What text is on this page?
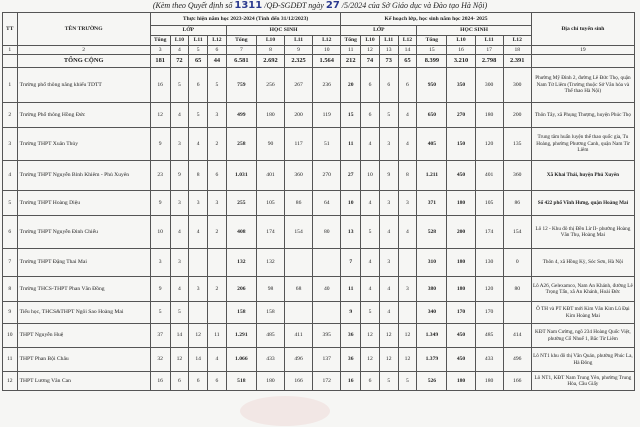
(Kèm theo Quyết định số 1311 /QĐ-SGDĐT ngày 27 /5/2024 của Sở Giáo dục và Đào tạo Hà Nội)
TT	TÊN TRƯỜNG	Thực hiện năm học 2023-2024 (Tính đến 31/12/2023)								Kế hoạch lớp, học sinh năm học 2024- 2025								Địa chỉ tuyển sinh
		LỚP				HỌC SINH				LỚP				HỌC SINH				
		Tổng	L10	L11	L12	Tổng	L10	L11	L12	Tổng	L10	L11	L12	Tổng	L10	L11	L12	
1	2	3	4	5	6	7	8	9	10	11	12	13	14	15	16	17	18	19
	TỔNG CỘNG	181	72	65	44	6.581	2.692	2.325	1.564	212	74	73	65	8.399	3.210	2.798	2.391	
1	Trường phổ thông năng khiếu TDTT	16	5	6	5	759	256	267	236	20	6	6	6	950	350	300	300	Phường Mỹ Đình 2, đường Lê Đức Thọ, quận Nam Từ Liêm (Trường thuộc Sở Văn hóa và Thể thao Hà Nội)
2	Trường Phổ thông Hồng Đức	12	4	5	3	499	180	200	119	15	6	5	4	650	270	180	200	Thôn Tây, xã Phụng Thượng, huyện Phúc Thọ
3	Trường THPT Xuân Thủy	9	3	4	2	258	90	117	51	11	4	3	4	405	150	120	135	Trung tâm huấn luyện thể thao quốc gia, Tu Hoàng, phường Phương Canh, quận Nam Từ Liêm
4	Trường THPT Nguyễn Bỉnh Khiêm - Phủ Xuyên	23	9	8	6	1.031	401	360	270	27	10	9	8	1.211	450	401	360	Xã Khai Thái, huyện Phú Xuyên
5	Trường THPT Hoàng Diệu	9	3	3	3	255	105	86	64	10	4	3	3	371	180	105	86	Số 422 phố Vĩnh Hưng, quận Hoàng Mai
6	Trường THPT Nguyễn Đình Chiểu	10	4	4	2	408	174	154	80	13	5	4	4	528	200	174	154	Lô 12 - Khu đô thị Đền Lừ II- phường Hoàng Văn Thụ, Hoàng Mai
7	Trường THPT Đặng Thai Mai	3	3			132	132			7	4	3		310	180	130	0	Thôn 4, xã Hồng Kỳ, Sóc Sơn, Hà Nội
8	Trường THCS-THPT Phan Văn Đồng	9	4	3	2	206	98	68	40	11	4	4	3	380	180	120	80	Lô A26, Gelexamco, Nam An Khánh, đường Lê Trọng Tấn, xã An Khánh, Hoài Đức
9	Tiểu học, THCS&THPT Ngôi Sao Hoàng Mai	5	5			158	158			9	5	4		340	170	170		Ô TH và PT KĐT mới Kim Văn Kim Lũ Đại Kim Hoàng Mai
10	THPT Nguyễn Huệ	37	14	12	11	1.291	485	411	395	36	12	12	12	1.349	450	485	414	KĐT Nam Cường, ngõ 234 Hoàng Quốc Việt, phường Cổ Nhuế 1, Bắc Từ Liêm
11	THPT Phan Bội Châu	32	12	14	4	1.066	433	496	137	36	12	12	12	1.379	450	433	496	Lô NT1 khu đô thị Văn Quán, phường Phúc La, Hà Đông
12	THPT Lương Văn Can	16	6	6	6	518	180	166	172	16	6	5	5	526	180	180	166	Lô NT1, KĐT Nam Trung Yên, phường Trung Hòa, Cầu Giấy
